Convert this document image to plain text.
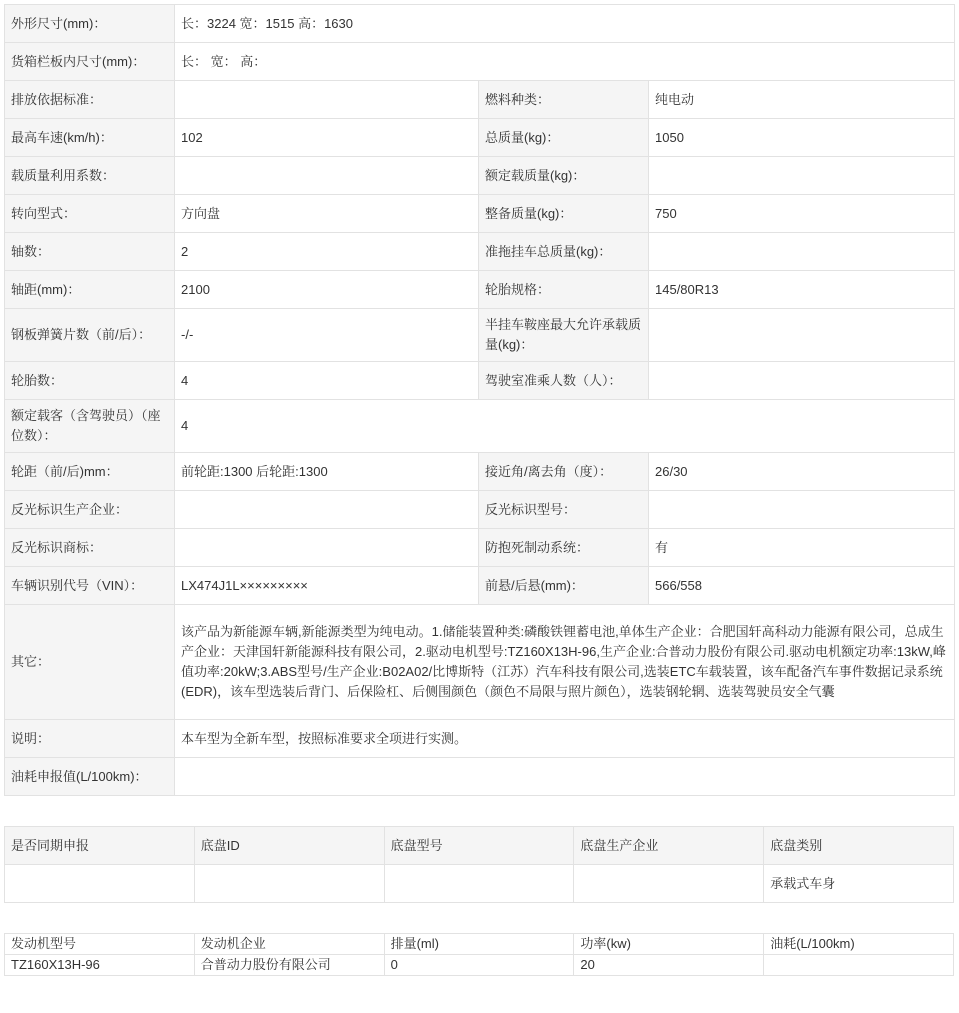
外形尺寸(mm)：	长：3224 宽：1515 高：1630		
货箱栏板内尺寸(mm)：	长： 宽： 高：		
排放依据标准：		燃料种类：	纯电动
最高车速(km/h)：	102	总质量(kg)：	1050
载质量利用系数：		额定载质量(kg)：	
转向型式：	方向盘	整备质量(kg)：	750
轴数：	2	准拖挂车总质量(kg)：	
轴距(mm)：	2100	轮胎规格：	145/80R13
钢板弹簧片数（前/后）：	-/-	半挂车鞍座最大允许承载质量(kg)：	
轮胎数：	4	驾驶室准乘人数（人）：	
额定载客（含驾驶员）（座位数）：	4		
轮距（前/后)mm：	前轮距:1300 后轮距:1300	接近角/离去角（度）：	26/30
反光标识生产企业：		反光标识型号：	
反光标识商标：		防抱死制动系统：	有
车辆识别代号（VIN）：	LX474J1L×××××××××	前悬/后悬(mm)：	566/558
其它：	该产品为新能源车辆,新能源类型为纯电动。1.储能装置种类:磷酸铁锂蓄电池,单体生产企业：合肥国轩高科动力能源有限公司，总成生产企业：天津国轩新能源科技有限公司，2.驱动电机型号:TZ160X13H-96,生产企业:合普动力股份有限公司.驱动电机额定功率:13kW,峰值功率:20kW;3.ABS型号/生产企业:B02A02/比博斯特（江苏）汽车科技有限公司,选装ETC车载装置，该车配备汽车事件数据记录系统(EDR)，该车型选装后背门、后保险杠、后侧围颜色（颜色不局限与照片颜色），选装钢轮辋、选装驾驶员安全气囊		
说明：	本车型为全新车型，按照标准要求全项进行实测。		
油耗申报值(L/100km)：			
是否同期申报	底盘ID	底盘型号	底盘生产企业	底盘类别
				承载式车身
发动机型号	发动机企业	排量(ml)	功率(kw)	油耗(L/100km)
TZ160X13H-96	合普动力股份有限公司	0	20	
